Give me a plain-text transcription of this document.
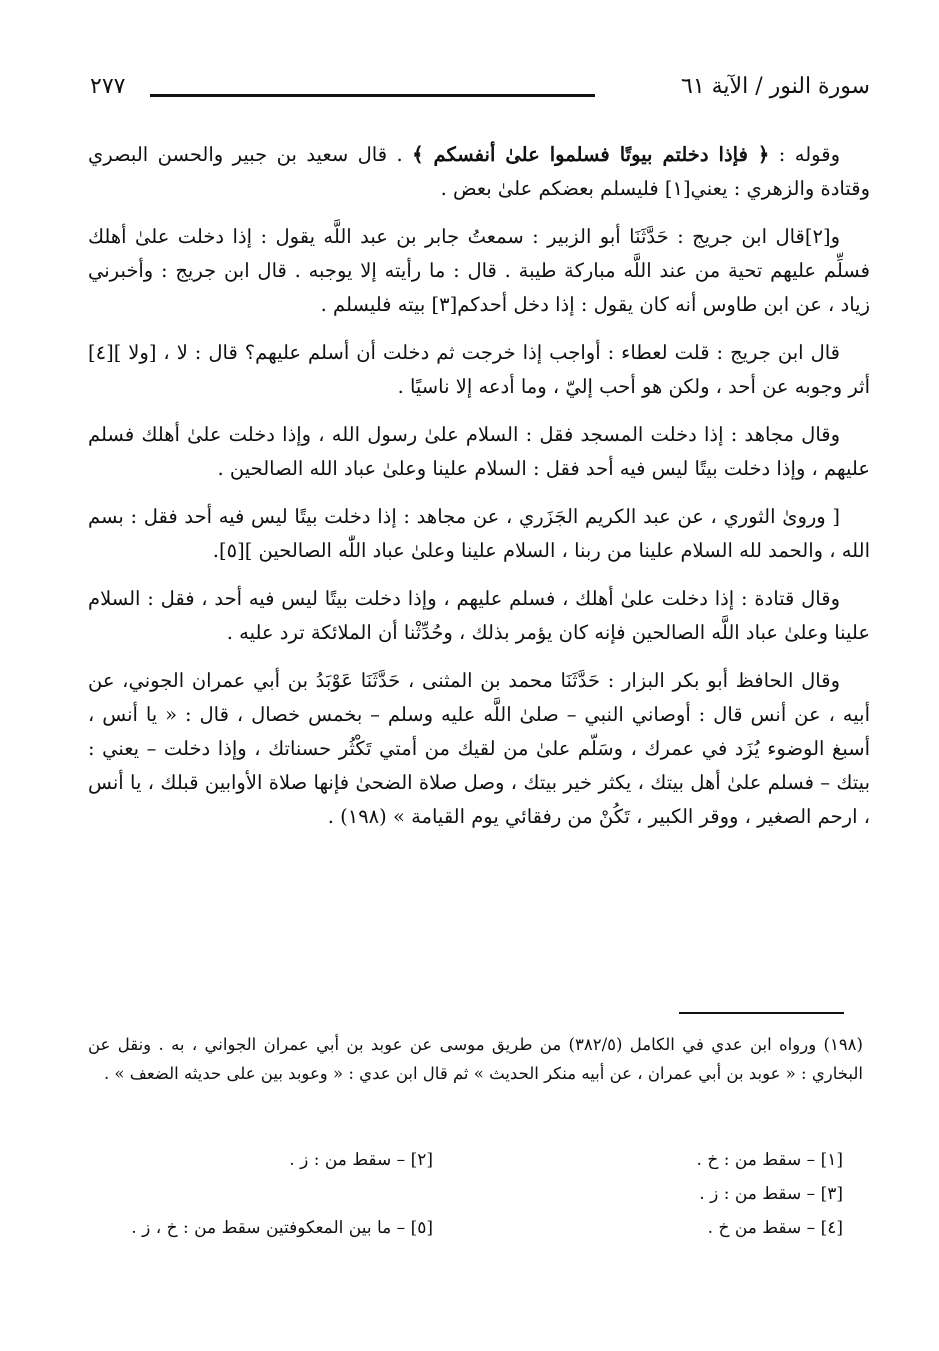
سورة النور / الآية ٦١
٢٧٧

وقوله : ﴿ فإذا دخلتم بيوتًا فسلموا علىٰ أنفسكم ﴾ . قال سعيد بن جبير والحسن البصري وقتادة والزهري : يعني[١] فليسلم بعضكم علىٰ بعض .

و[٢]قال ابن جريج : حَدَّثَنَا أبو الزبير : سمعتُ جابر بن عبد اللَّه يقول : إذا دخلت علىٰ أهلك فسلِّم عليهم تحية من عند اللَّه مباركة طيبة . قال : ما رأيته إلا يوجبه . قال ابن جريج : وأخبرني زياد ، عن ابن طاوس أنه كان يقول : إذا دخل أحدكم[٣] بيته فليسلم .

قال ابن جريج : قلت لعطاء : أواجب إذا خرجت ثم دخلت أن أسلم عليهم؟ قال : لا ، [ولا ][٤] أثر وجوبه عن أحد ، ولكن هو أحب إليّ ، وما أدعه إلا ناسيًا .

وقال مجاهد : إذا دخلت المسجد فقل : السلام علىٰ رسول الله ، وإذا دخلت علىٰ أهلك فسلم عليهم ، وإذا دخلت بيتًا ليس فيه أحد فقل : السلام علينا وعلىٰ عباد الله الصالحين .

[ وروىٰ الثوري ، عن عبد الكريم الجَزَري ، عن مجاهد : إذا دخلت بيتًا ليس فيه أحد فقل : بسم الله ، والحمد لله السلام علينا من ربنا ، السلام علينا وعلىٰ عباد اللّٰه الصالحين ][٥].

وقال قتادة : إذا دخلت علىٰ أهلك ، فسلم عليهم ، وإذا دخلت بيتًا ليس فيه أحد ، فقل : السلام علينا وعلىٰ عباد اللَّه الصالحين فإنه كان يؤمر بذلك ، وحُدِّثْنا أن الملائكة ترد عليه .

وقال الحافظ أبو بكر البزار : حَدَّثَنَا محمد بن المثنى ، حَدَّثَنَا عَوْبَدُ بن أبي عمران الجوني، عن أبيه ، عن أنس قال : أوصاني النبي – صلىٰ اللَّه عليه وسلم – بخمس خصال ، قال : « يا أنس ، أسبغ الوضوء يُزَد في عمرك ، وسَلّم علىٰ من لقيك من أمتي تَكْثُر حسناتك ، وإذا دخلت – يعني : بيتك – فسلم علىٰ أهل بيتك ، يكثر خير بيتك ، وصل صلاة الضحىٰ فإنها صلاة الأوابين قبلك ، يا أنس ، ارحم الصغير ، ووقر الكبير ، تَكُنْ من رفقائي يوم القيامة » (١٩٨) .

(١٩٨) ورواه ابن عدي في الكامل (٣٨٢/٥) من طريق موسى عن عوبد بن أبي عمران الجواني ، به . ونقل عن البخاري : « عوبد بن أبي عمران ، عن أبيه منكر الحديث » ثم قال ابن عدي : « وعوبد بين على حديثه الضعف » .
[١] – سقط من : خ .
[٢] – سقط من : ز .
[٣] – سقط من : ز .
[٤] – سقط من خ .
[٥] – ما بين المعكوفتين سقط من : خ ، ز .
